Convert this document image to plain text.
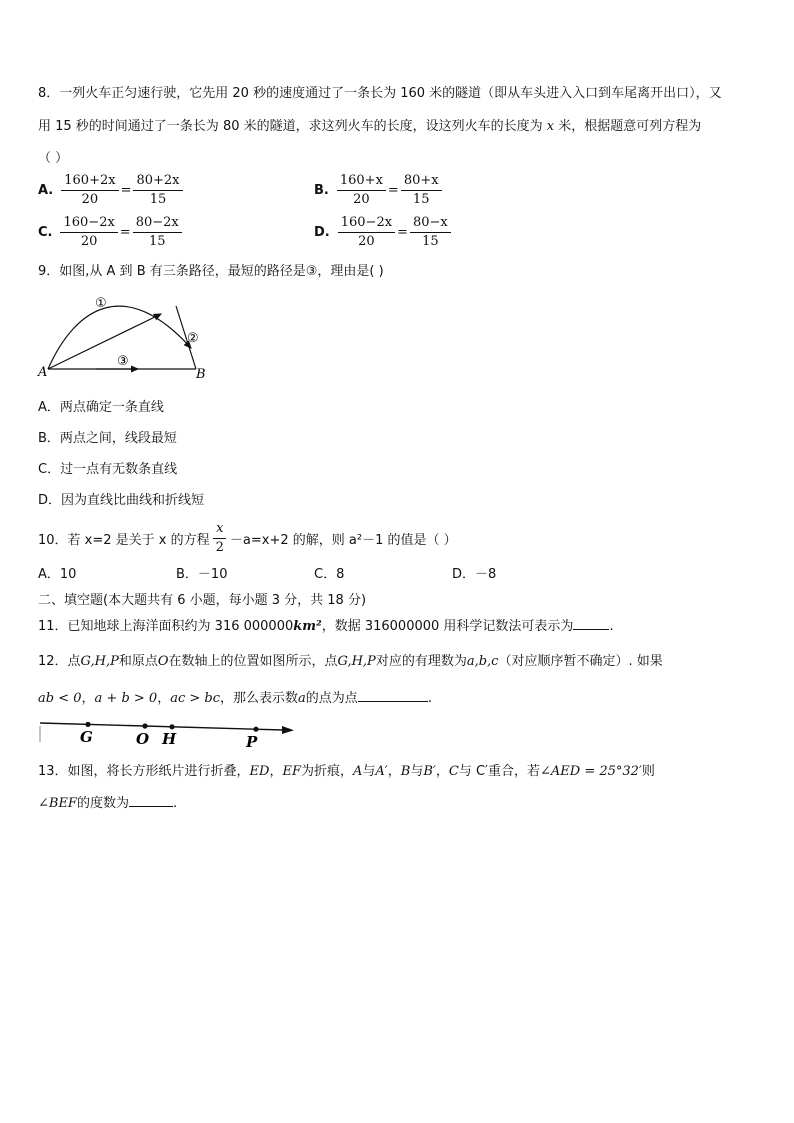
8．一列火车正匀速行驶，它先用 20 秒的速度通过了一条长为 160 米的隧道（即从车头进入入口到车尾离开出口），又
用 15 秒的时间通过了一条长为 80 米的隧道，求这列火车的长度，设这列火车的长度为 x 米，根据题意可列方程为
（ ）
A. $\frac{160+2x}{20} = \frac{80+2x}{15}$	B. $\frac{160+x}{20} = \frac{80+x}{15}$
C. $\frac{160-2x}{20} = \frac{80-2x}{15}$	D. $\frac{160-2x}{20} = \frac{80-x}{15}$
9．如图,从 A 到 B 有三条路径，最短的路径是③，理由是( )
A	B
①
②
③
A．两点确定一条直线
B．两点之间，线段最短
C．过一点有无数条直线
D．因为直线比曲线和折线短
10．若 x=2 是关于 x 的方程 $\frac{x}{2} -a=x+2$ 的解，则 a²－1 的值是（ ）
A．10	B．－10	C．8	D．－8
二、填空题(本大题共有 6 小题，每小题 3 分，共 18 分)
11．已知地球上海洋面积约为 316 000000km²，数据 316000000 用科学记数法可表示为	.
12．点G,H,P和原点O在数轴上的位置如图所示，点G,H,P对应的有理数为a,b,c（对应顺序暂不确定）. 如果
ab < 0，a + b > 0，ac > bc，那么表示数a的点为点	.
G	O H	P
13．如图，将长方形纸片进行折叠，ED，EF为折痕，A与A′，B与B′，C与 C′重合，若∠AED = 25°32′则
∠BEF的度数为	.
